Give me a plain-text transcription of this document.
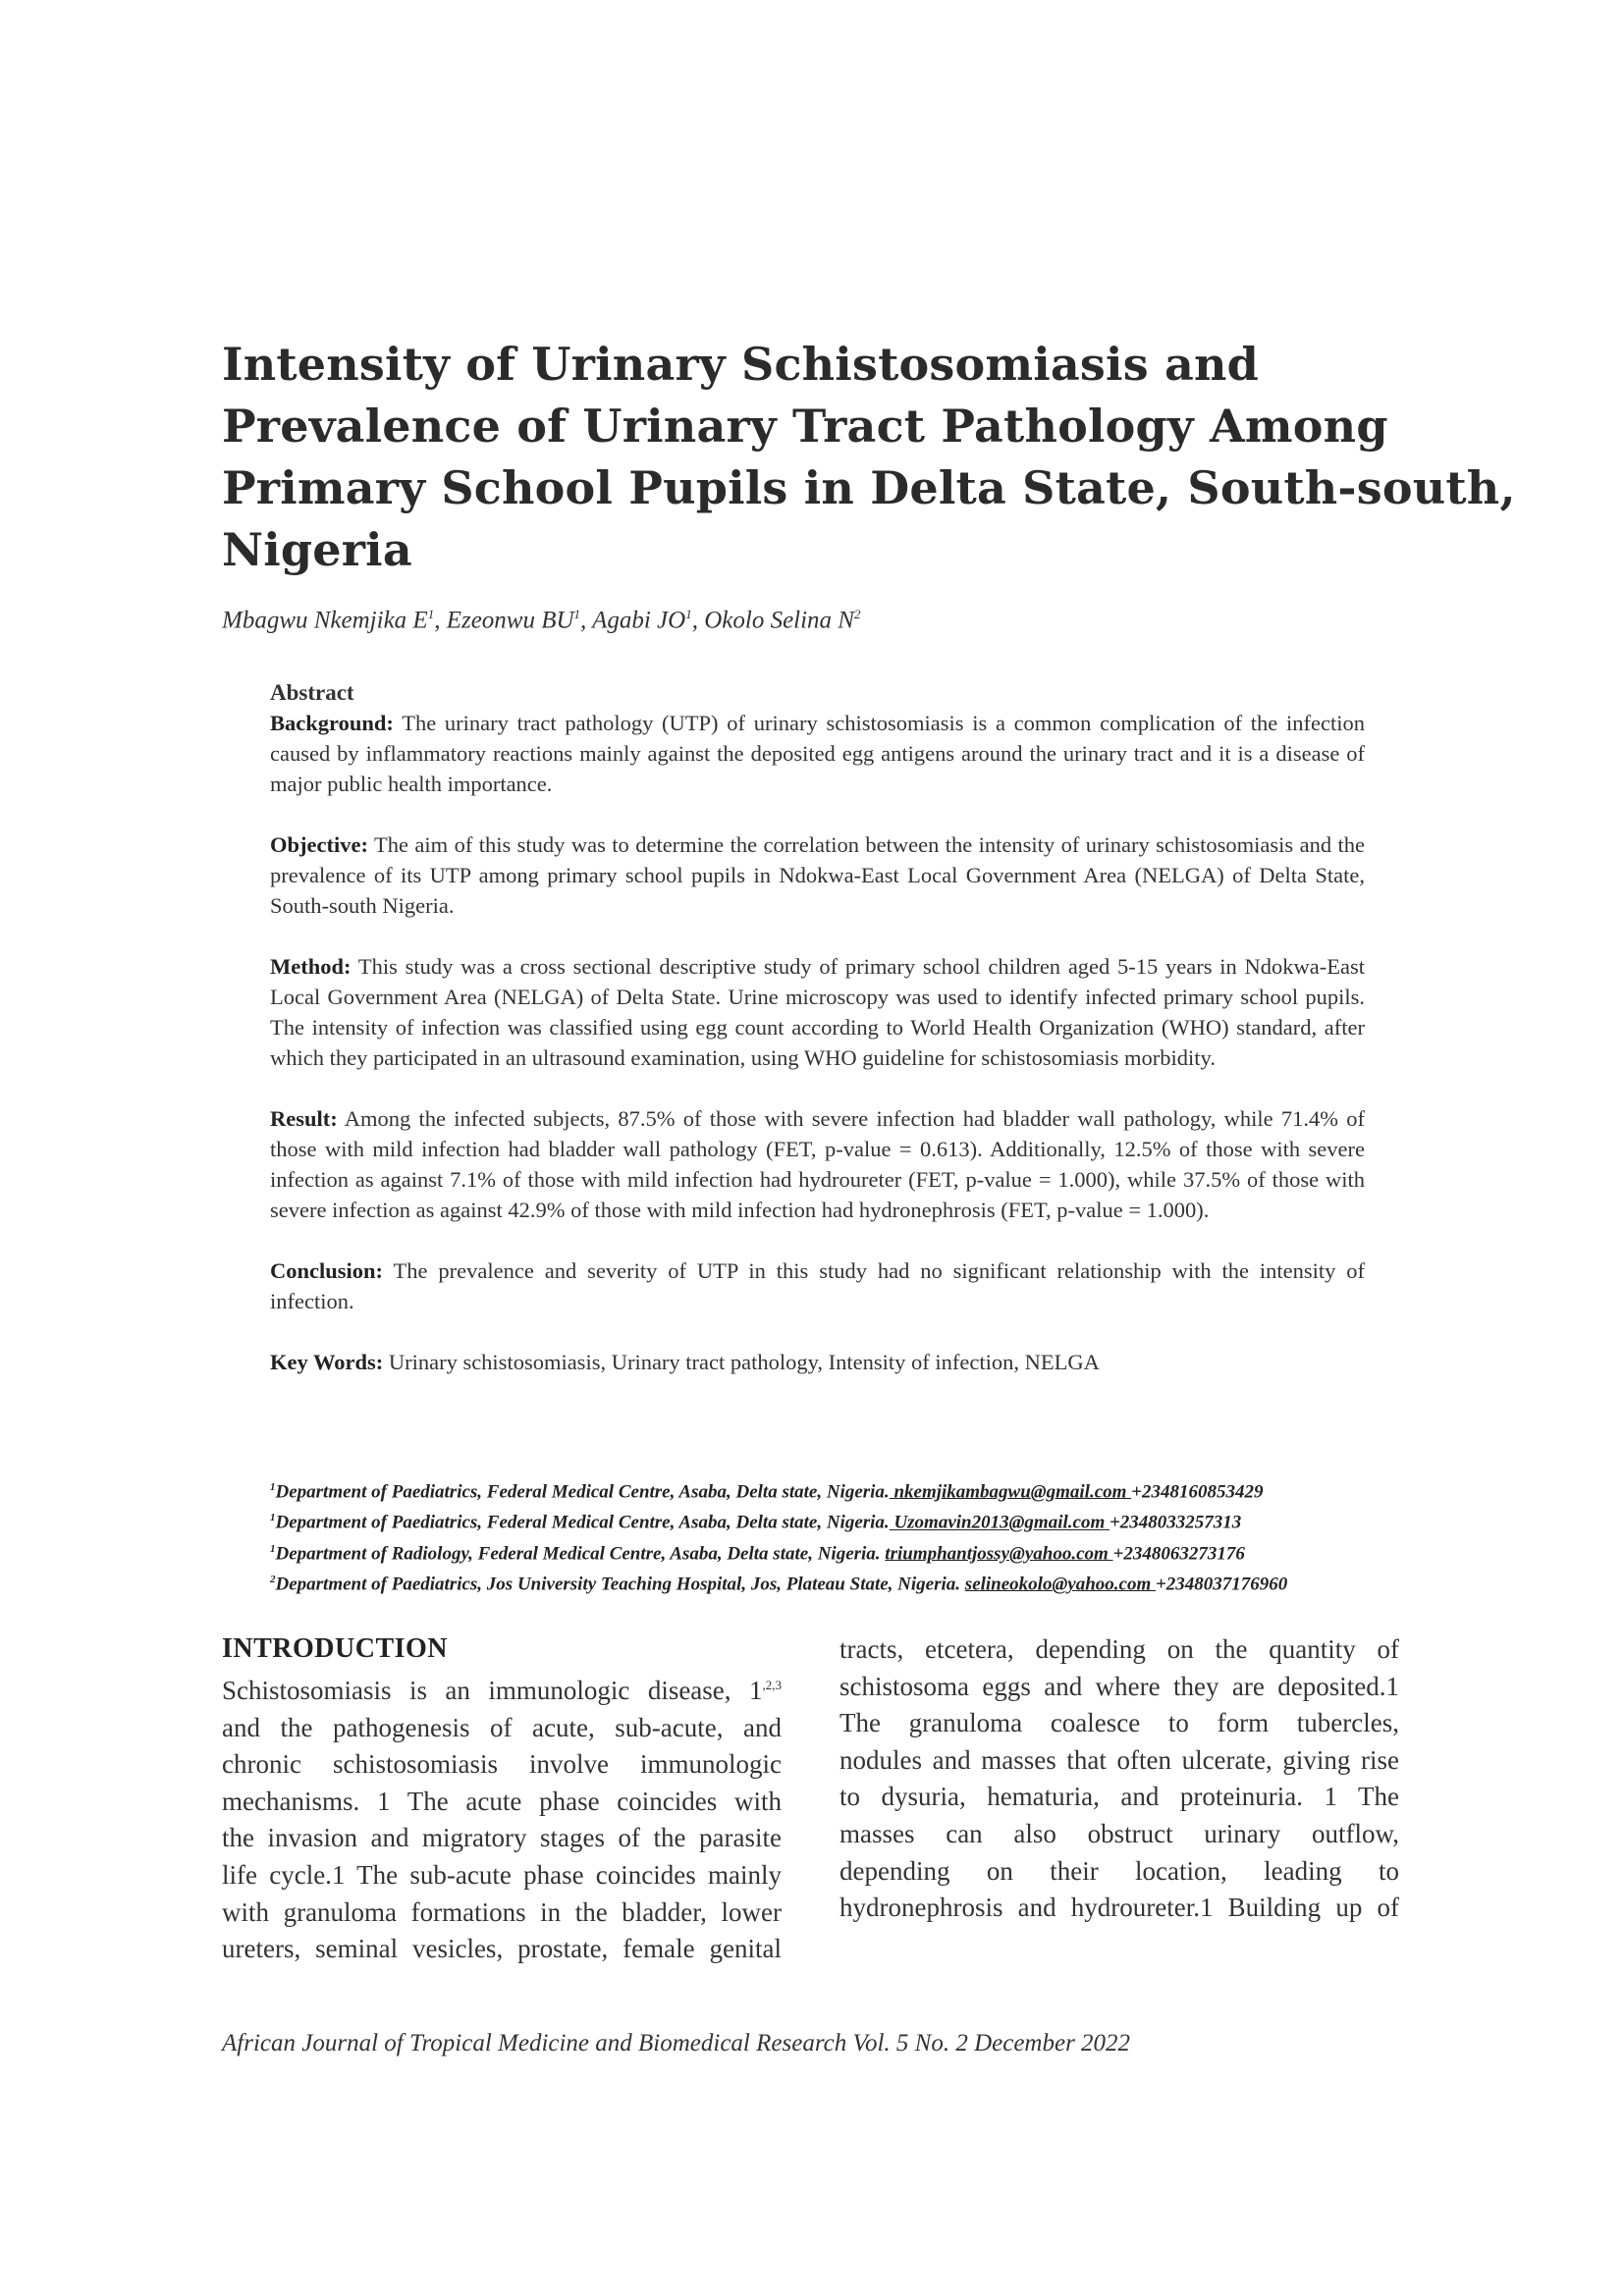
Intensity of Urinary Schistosomiasis and
Prevalence of Urinary Tract Pathology Among
Primary School Pupils in Delta State, South-south,
Nigeria
Mbagwu Nkemjika $E^1$, Ezeonwu $BU^1$, Agabi $JO^1$, Okolo Selina $N^2$
Abstract

Background: The urinary tract pathology (UTP) of urinary schistosomiasis is a common complication of the infection caused by inflammatory reactions mainly against the deposited egg antigens around the urinary tract and it is a disease of major public health importance.

Objective: The aim of this study was to determine the correlation between the intensity of urinary schistosomiasis and the prevalence of its UTP among primary school pupils in Ndokwa-East Local Government Area (NELGA) of Delta State, South-south Nigeria.

Method: This study was a cross sectional descriptive study of primary school children aged 5-15 years in Ndokwa-East Local Government Area (NELGA) of Delta State. Urine microscopy was used to identify infected primary school pupils. The intensity of infection was classified using egg count according to World Health Organization (WHO) standard, after which they participated in an ultrasound examination, using WHO guideline for schistosomiasis morbidity.

Result: Among the infected subjects, 87.5% of those with severe infection had bladder wall pathology, while 71.4% of those with mild infection had bladder wall pathology (FET, p-value = 0.613). Additionally, 12.5% of those with severe infection as against 7.1% of those with mild infection had hydroureter (FET, p-value = 1.000), while 37.5% of those with severe infection as against 42.9% of those with mild infection had hydronephrosis (FET, p-value = 1.000).

Conclusion: The prevalence and severity of UTP in this study had no significant relationship with the intensity of infection.

Key Words: Urinary schistosomiasis, Urinary tract pathology, Intensity of infection, NELGA

$^1$Department of Paediatrics, Federal Medical Centre, Asaba, Delta state, Nigeria. nkemjikambagwu@gmail.com +2348160853429
$^1$Department of Paediatrics, Federal Medical Centre, Asaba, Delta state, Nigeria. Uzomavin2013@gmail.com +2348033257313
$^1$Department of Radiology, Federal Medical Centre, Asaba, Delta state, Nigeria. triumphantjossy@yahoo.com +2348063273176
$^2$Department of Paediatrics, Jos University Teaching Hospital, Jos, Plateau State, Nigeria. selineokolo@yahoo.com +2348037176960
INTRODUCTION
Schistosomiasis is an immunologic disease, $1^{,2,3}$
and the pathogenesis of acute, sub-acute, and
chronic schistosomiasis involve immunologic
mechanisms. 1 The acute phase coincides with
the invasion and migratory stages of the parasite
life cycle.1 The sub-acute phase coincides mainly
with granuloma formations in the bladder, lower
ureters, seminal vesicles, prostate, female genital
tracts, etcetera, depending on the quantity of
schistosoma eggs and where they are deposited.1
The granuloma coalesce to form tubercles,
nodules and masses that often ulcerate, giving rise
to dysuria, hematuria, and proteinuria. 1 The
masses can also obstruct urinary outflow,
depending on their location, leading to
hydronephrosis and hydroureter.1 Building up of
African Journal of Tropical Medicine and Biomedical Research Vol. 5 No. 2 December 2022
